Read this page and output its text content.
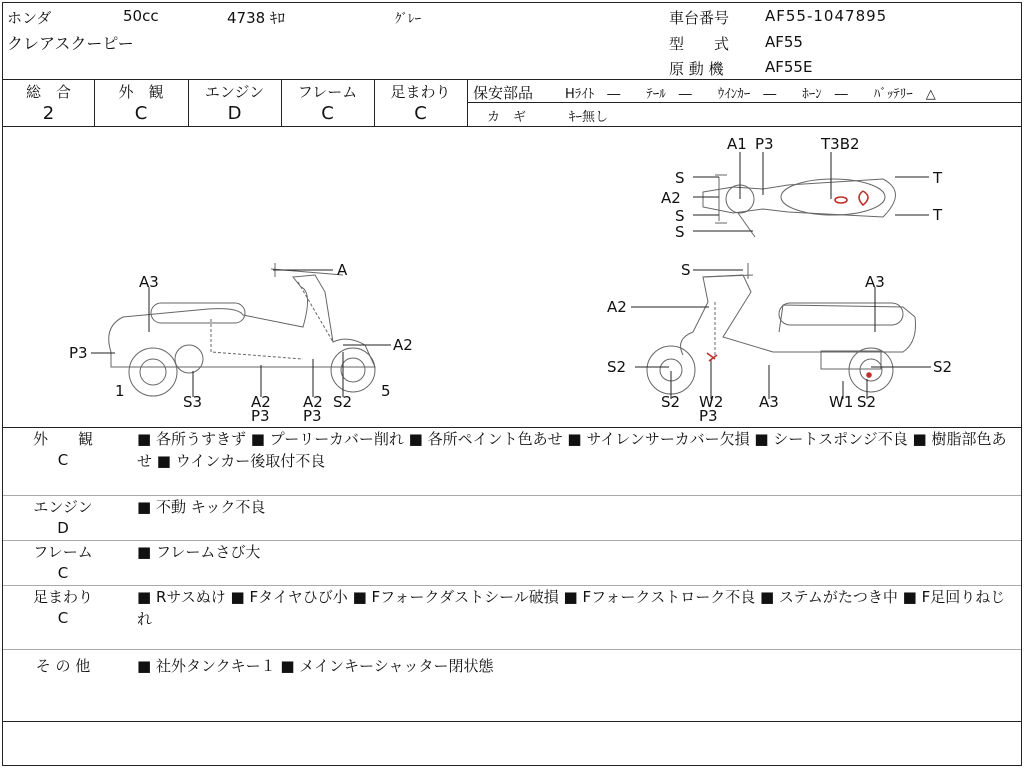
ホンダ	50cc	4738 ｷﾛ	ｸﾞﾚｰ
クレアスクーピー
車台番号 AF55-1047895
型　　式 AF55
原 動 機	AF55E
総　合
2
外　観
C
エンジン
D
フレーム
C
足まわり
C
保安部品 Hﾗｲﾄ　―　　ﾃｰﾙ　―　　ｳｲﾝｶｰ　―　　ﾎｰﾝ　―　　ﾊﾞｯﾃﾘｰ　△
カ　ギ	ｷｰ無し
A1 P3	T3B2
S
A2
S
S
T
T
A
A3
P3	A2
1	5
S3	A2
P3
A2
P3
S2
S
A3
A2
S2	S2
S2 W2
P3
A3	W1 S2
外　　観
C
■ 各所うすきず ■ プーリーカバー削れ ■ 各所ペイント色あせ ■ サイレンサーカバー欠損 ■ シートスポンジ不良 ■ 樹脂部色あせ ■ ウインカー後取付不良
エンジン
D
■ 不動 キック不良
フレーム
C
■ フレームさび大
足まわり
C
■ Rサスぬけ ■ Fタイヤひび小 ■ Fフォークダストシール破損 ■ Fフォークストローク不良 ■ ステムがたつき中 ■ F足回りねじれ
そ の 他	■ 社外タンクキー１ ■ メインキーシャッター閉状態
